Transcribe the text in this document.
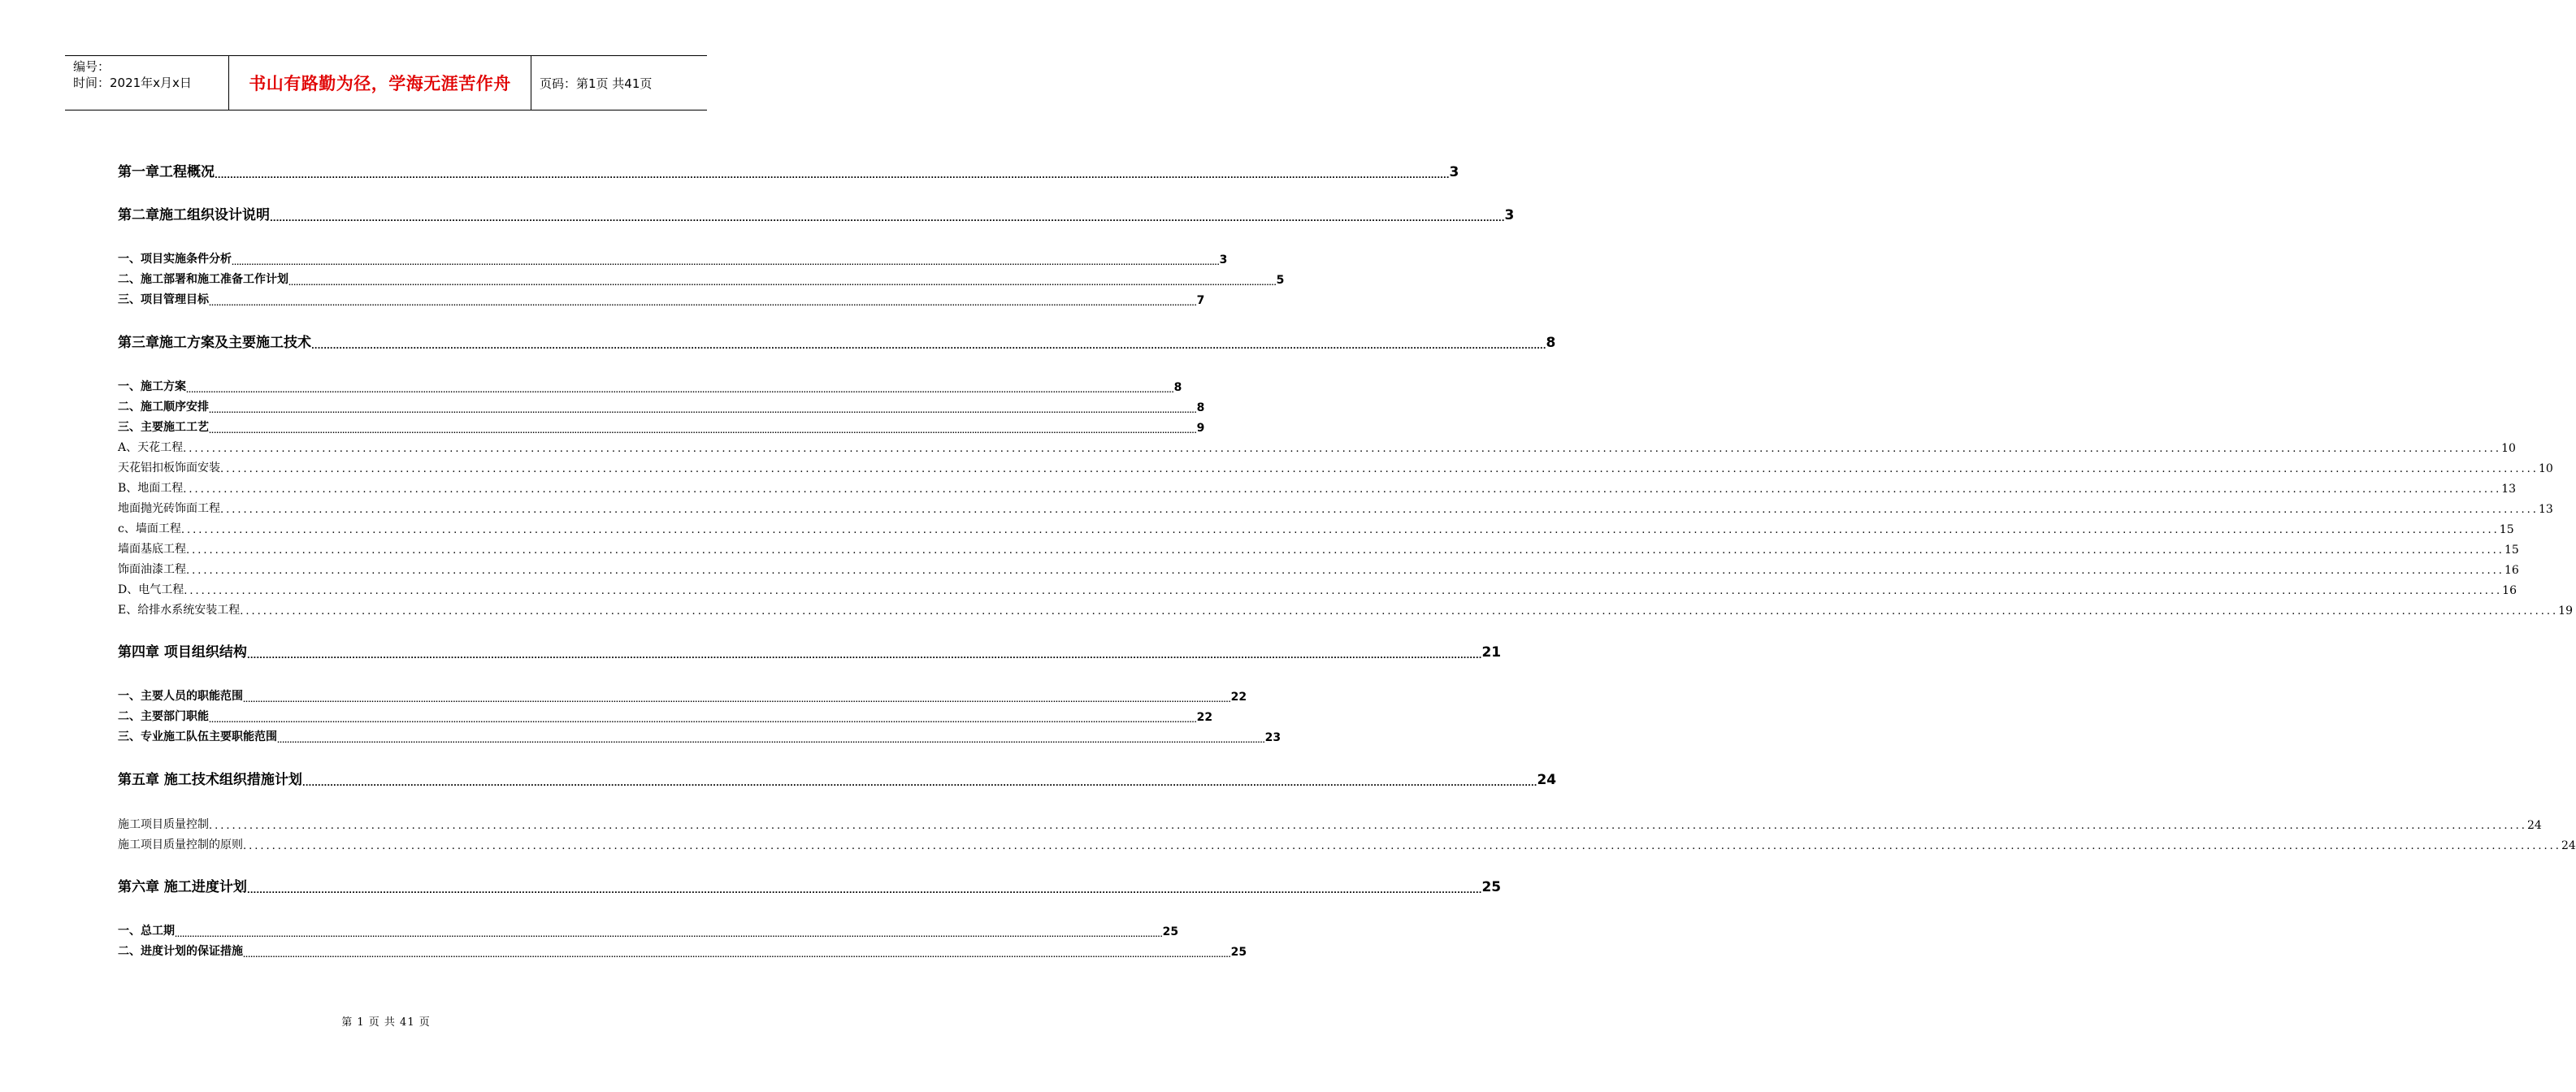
编号：
时间：2021年x月x日	书山有路勤为径，学海无涯苦作舟 页码：第1页 共41页
第一章工程概况 ................................................................................................................................................................................................................................................................................................................................................................................................................ 3
第二章施工组织设计说明 ................................................................................................................................................................................................................................................................................................................................................................................................................ 3
一、项目实施条件分析 ................................................................................................................................................................................................................................................................................................................................................................................................................ 3
二、施工部署和施工准备工作计划 ................................................................................................................................................................................................................................................................................................................................................................................................................ 5
三、项目管理目标 ................................................................................................................................................................................................................................................................................................................................................................................................................ 7
第三章施工方案及主要施工技术 ................................................................................................................................................................................................................................................................................................................................................................................................................ 8
一、施工方案 ................................................................................................................................................................................................................................................................................................................................................................................................................ 8
二、施工顺序安排 ................................................................................................................................................................................................................................................................................................................................................................................................................ 8
三、主要施工工艺 ................................................................................................................................................................................................................................................................................................................................................................................................................ 9
A、天花工程 ................................................................................................................................................................................................................................................................................................................................................................................................................ 10
天花铝扣板饰面安装 ................................................................................................................................................................................................................................................................................................................................................................................................................ 10
B、地面工程 ................................................................................................................................................................................................................................................................................................................................................................................................................ 13
地面抛光砖饰面工程 ................................................................................................................................................................................................................................................................................................................................................................................................................ 13
c、墙面工程 ................................................................................................................................................................................................................................................................................................................................................................................................................ 15
墙面基底工程 ................................................................................................................................................................................................................................................................................................................................................................................................................ 15
饰面油漆工程 ................................................................................................................................................................................................................................................................................................................................................................................................................ 16
D、电气工程 ................................................................................................................................................................................................................................................................................................................................................................................................................ 16
E、给排水系统安装工程 ................................................................................................................................................................................................................................................................................................................................................................................................................ 19
第四章 项目组织结构 ................................................................................................................................................................................................................................................................................................................................................................................................................ 21
一、主要人员的职能范围 ................................................................................................................................................................................................................................................................................................................................................................................................................ 22
二、主要部门职能 ................................................................................................................................................................................................................................................................................................................................................................................................................ 22
三、专业施工队伍主要职能范围 ................................................................................................................................................................................................................................................................................................................................................................................................................ 23
第五章 施工技术组织措施计划 ................................................................................................................................................................................................................................................................................................................................................................................................................ 24
施工项目质量控制 ................................................................................................................................................................................................................................................................................................................................................................................................................ 24
施工项目质量控制的原则 ................................................................................................................................................................................................................................................................................................................................................................................................................ 24
第六章 施工进度计划 ................................................................................................................................................................................................................................................................................................................................................................................................................ 25
一、总工期 ................................................................................................................................................................................................................................................................................................................................................................................................................ 25
二、进度计划的保证措施 ................................................................................................................................................................................................................................................................................................................................................................................................................ 25
第 1 页 共 41 页
